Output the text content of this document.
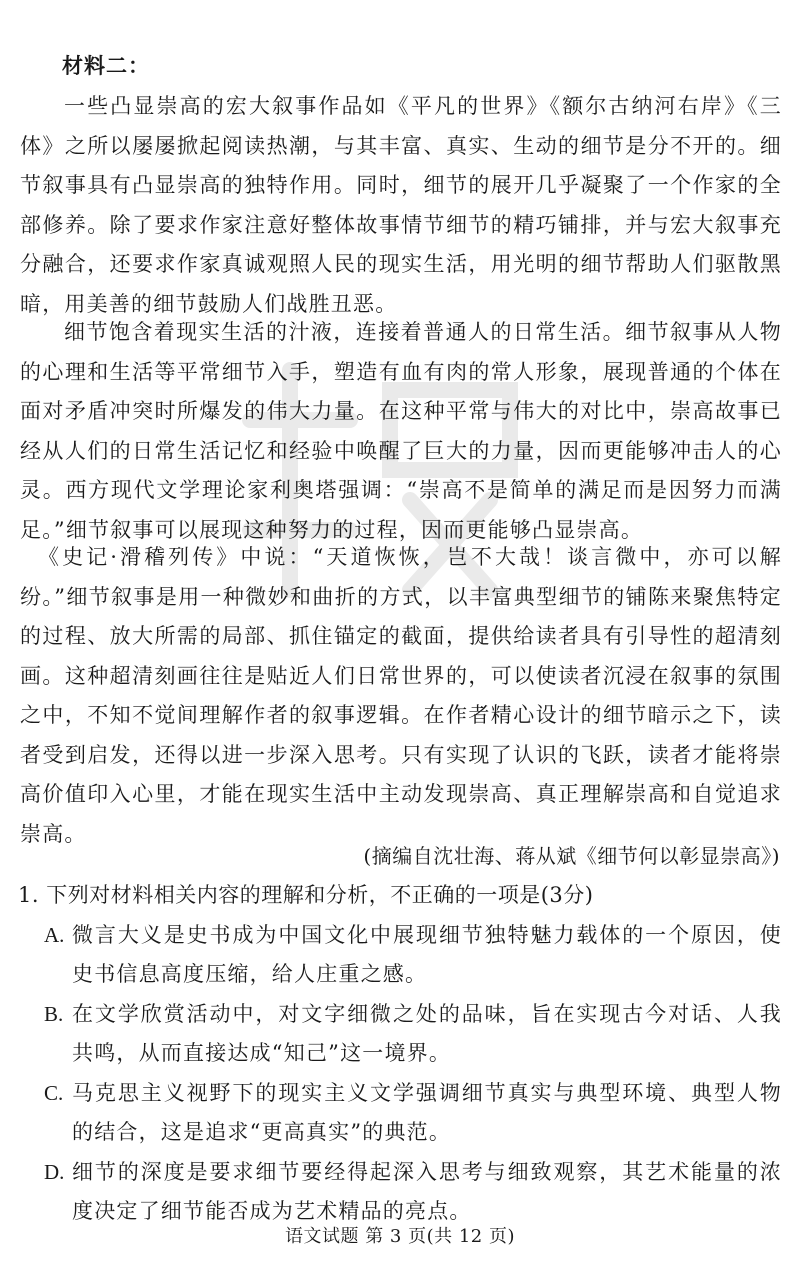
材料二：
一些凸显崇高的宏大叙事作品如《平凡的世界》《额尔古纳河右岸》《三体》之所以屡屡掀起阅读热潮，与其丰富、真实、生动的细节是分不开的。细节叙事具有凸显崇高的独特作用。同时，细节的展开几乎凝聚了一个作家的全部修养。除了要求作家注意好整体故事情节细节的精巧铺排，并与宏大叙事充分融合，还要求作家真诚观照人民的现实生活，用光明的细节帮助人们驱散黑暗，用美善的细节鼓励人们战胜丑恶。
细节饱含着现实生活的汁液，连接着普通人的日常生活。细节叙事从人物的心理和生活等平常细节入手，塑造有血有肉的常人形象，展现普通的个体在面对矛盾冲突时所爆发的伟大力量。在这种平常与伟大的对比中，崇高故事已经从人们的日常生活记忆和经验中唤醒了巨大的力量，因而更能够冲击人的心灵。西方现代文学理论家利奥塔强调：“崇高不是简单的满足而是因努力而满足。”细节叙事可以展现这种努力的过程，因而更能够凸显崇高。
《史记·滑稽列传》中说：“天道恢恢，岂不大哉！谈言微中，亦可以解纷。”细节叙事是用一种微妙和曲折的方式，以丰富典型细节的铺陈来聚焦特定的过程、放大所需的局部、抓住锚定的截面，提供给读者具有引导性的超清刻画。这种超清刻画往往是贴近人们日常世界的，可以使读者沉浸在叙事的氛围之中，不知不觉间理解作者的叙事逻辑。在作者精心设计的细节暗示之下，读者受到启发，还得以进一步深入思考。只有实现了认识的飞跃，读者才能将崇高价值印入心里，才能在现实生活中主动发现崇高、真正理解崇高和自觉追求崇高。
(摘编自沈壮海、蒋从斌《细节何以彰显崇高》)
1. 下列对材料相关内容的理解和分析，不正确的一项是(3分)
A. 微言大义是史书成为中国文化中展现细节独特魅力载体的一个原因，使史书信息高度压缩，给人庄重之感。
B. 在文学欣赏活动中，对文字细微之处的品味，旨在实现古今对话、人我共鸣，从而直接达成“知己”这一境界。
C. 马克思主义视野下的现实主义文学强调细节真实与典型环境、典型人物的结合，这是追求“更高真实”的典范。
D. 细节的深度是要求细节要经得起深入思考与细致观察，其艺术能量的浓度决定了细节能否成为艺术精品的亮点。
语文试题 第 3 页(共 12 页)
